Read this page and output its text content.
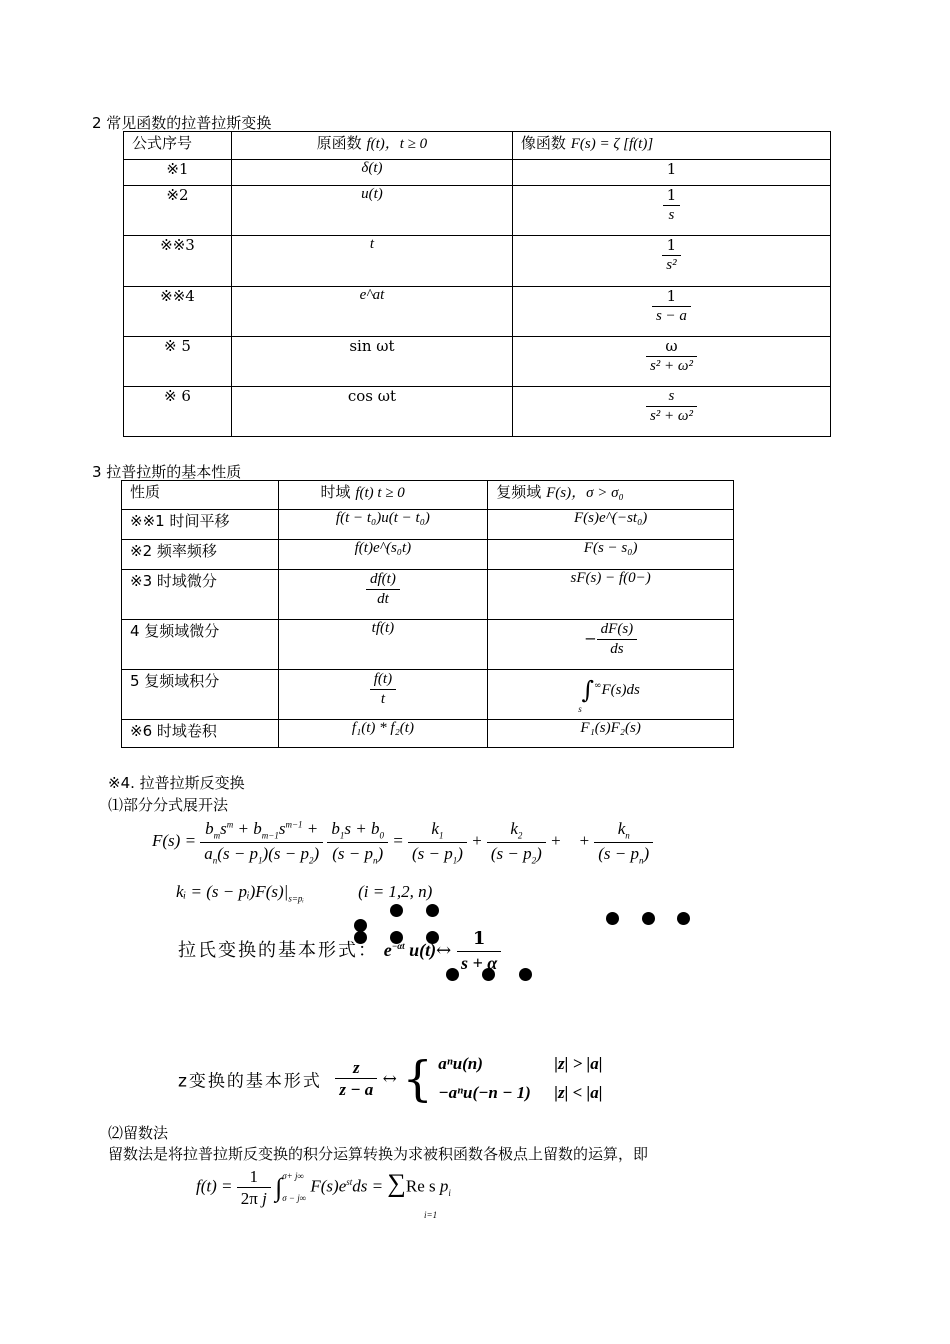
2 常见函数的拉普拉斯变换
公式序号	原函数 f(t)，t ≥ 0	像函数 F(s) = ζ [f(t)]
※1	δ(t)	1
※2	u(t)	$\frac{1}{s}$

※※3	t	$\frac{1}{\text{s²}}$

※※4	e^at	$\frac{1}{s - a}$

※ 5	sin ωt	$\frac{\omega}{\text{s² + ω²}}$

※ 6	cos ωt	$\frac{s}{\text{s² + ω²}}$
3 拉普拉斯的基本性质
性质	时域 f(t) t ≥ 0	复频域 F(s)，σ > σ₀
※※1 时间平移	f(t − t₀)u(t − t₀)	F(s)e^(−st₀)
※2 频率频移	f(t)e^(s₀t)	F(s − s₀)
※3 时域微分	$\frac{df(t)}{dt}$	sF(s) − f(0−)
4 复频域微分	tf(t)	− $\frac{dF(s)}{ds}$

5 复频域积分	$\frac{f(t)}{t}$	∫∞F(s)ds
s

※6 时域卷积	f₁(t) * f₂(t)	F₁(s)F₂(s)
※4. 拉普拉斯反变换
⑴部分分式展开法
$F(s) = \frac{b_ms^m + b_{m-1}s^{m-1} +}{a_n(s - p_1)(s - p_2)}$
$\frac{b_1s + b_0}{(s - p_n)} = \frac{k_1}{(s - p_1)} + \frac{k_2}{(s - p_2)}$ +    + $\frac{k_n}{(s - p_n)}$
kᵢ = $(s - pᵢ)F(s)|_{s=pᵢ}$	(i = 1,2, n)
拉氏变换的基本形式： $e^{-\alpha t}$ u(t)↔ $\frac{1}{s + \alpha}$
z变换的基本形式 $\frac{z}{z - a}$ ↔ { aⁿu(n)
−aⁿu(−n − 1) |z| > |a|
|z| < |a|
⑵留数法
留数法是将拉普拉斯反变换的积分运算转换为求被积函数各极点上留数的运算，即
$f(t) = \frac{1}{\text{2π j}} \int\sigma+ j\infty$
σ − j∞ $F(s)e^{st}ds = \sum Re$ s $p_i$
i=1
